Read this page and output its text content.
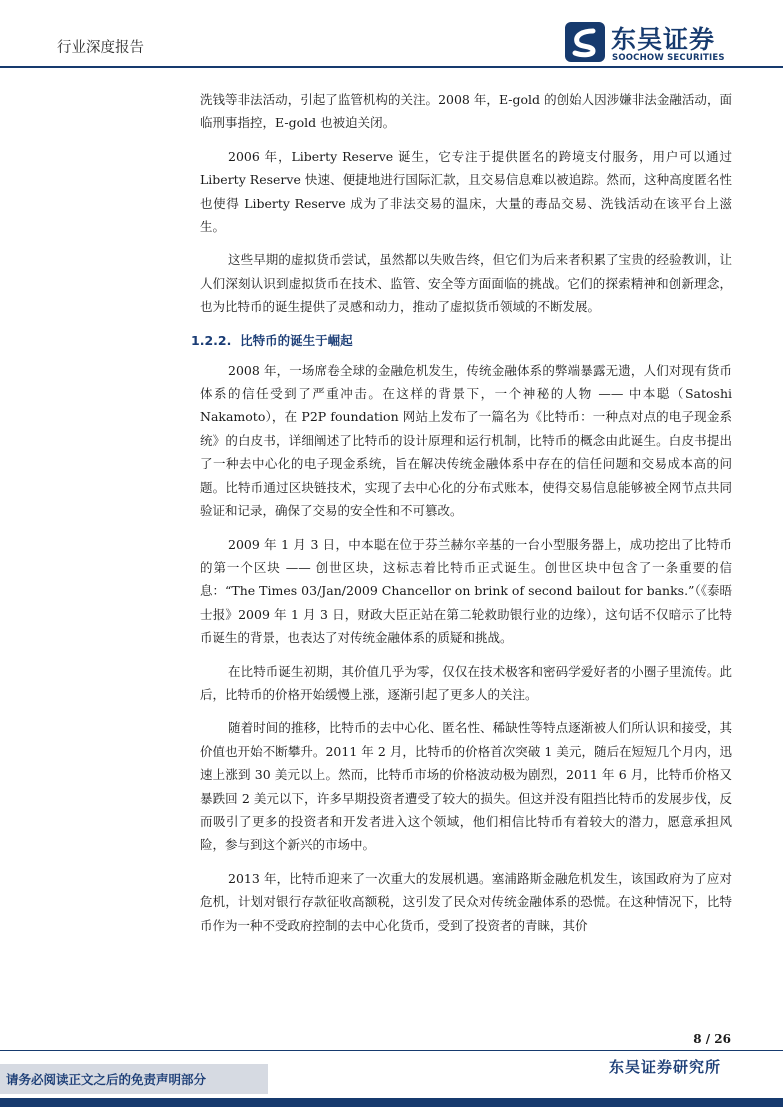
行业深度报告	东吴证券
SOOCHOW SECURITIES

洗钱等非法活动，引起了监管机构的关注。2008 年，E-gold 的创始人因涉嫌非法金融活动，面临刑事指控，E-gold 也被迫关闭。

2006 年，Liberty Reserve 诞生，它专注于提供匿名的跨境支付服务，用户可以通过 Liberty Reserve 快速、便捷地进行国际汇款，且交易信息难以被追踪。然而，这种高度匿名性也使得 Liberty Reserve 成为了非法交易的温床，大量的毒品交易、洗钱活动在该平台上滋生。

这些早期的虚拟货币尝试，虽然都以失败告终，但它们为后来者积累了宝贵的经验教训，让人们深刻认识到虚拟货币在技术、监管、安全等方面面临的挑战。它们的探索精神和创新理念，也为比特币的诞生提供了灵感和动力，推动了虚拟货币领域的不断发展。

1.2.2. 比特币的诞生于崛起

2008 年，一场席卷全球的金融危机发生，传统金融体系的弊端暴露无遗，人们对现有货币体系的信任受到了严重冲击。在这样的背景下，一个神秘的人物 —— 中本聪（Satoshi Nakamoto），在 P2P foundation 网站上发布了一篇名为《比特币：一种点对点的电子现金系统》的白皮书，详细阐述了比特币的设计原理和运行机制，比特币的概念由此诞生。白皮书提出了一种去中心化的电子现金系统，旨在解决传统金融体系中存在的信任问题和交易成本高的问题。比特币通过区块链技术，实现了去中心化的分布式账本，使得交易信息能够被全网节点共同验证和记录，确保了交易的安全性和不可篡改。

2009 年 1 月 3 日，中本聪在位于芬兰赫尔辛基的一台小型服务器上，成功挖出了比特币的第一个区块 —— 创世区块，这标志着比特币正式诞生。创世区块中包含了一条重要的信息：“The Times 03/Jan/2009 Chancellor on brink of second bailout for banks.”（《泰晤士报》2009 年 1 月 3 日，财政大臣正站在第二轮救助银行业的边缘），这句话不仅暗示了比特币诞生的背景，也表达了对传统金融体系的质疑和挑战。

在比特币诞生初期，其价值几乎为零，仅仅在技术极客和密码学爱好者的小圈子里流传。此后，比特币的价格开始缓慢上涨，逐渐引起了更多人的关注。

随着时间的推移，比特币的去中心化、匿名性、稀缺性等特点逐渐被人们所认识和接受，其价值也开始不断攀升。2011 年 2 月，比特币的价格首次突破 1 美元，随后在短短几个月内，迅速上涨到 30 美元以上。然而，比特币市场的价格波动极为剧烈，2011 年 6 月，比特币价格又暴跌回 2 美元以下，许多早期投资者遭受了较大的损失。但这并没有阻挡比特币的发展步伐，反而吸引了更多的投资者和开发者进入这个领域，他们相信比特币有着较大的潜力，愿意承担风险，参与到这个新兴的市场中。

2013 年，比特币迎来了一次重大的发展机遇。塞浦路斯金融危机发生，该国政府为了应对危机，计划对银行存款征收高额税，这引发了民众对传统金融体系的恐慌。在这种情况下，比特币作为一种不受政府控制的去中心化货币，受到了投资者的青睐，其价

8 / 26
请务必阅读正文之后的免责声明部分
东吴证券研究所
